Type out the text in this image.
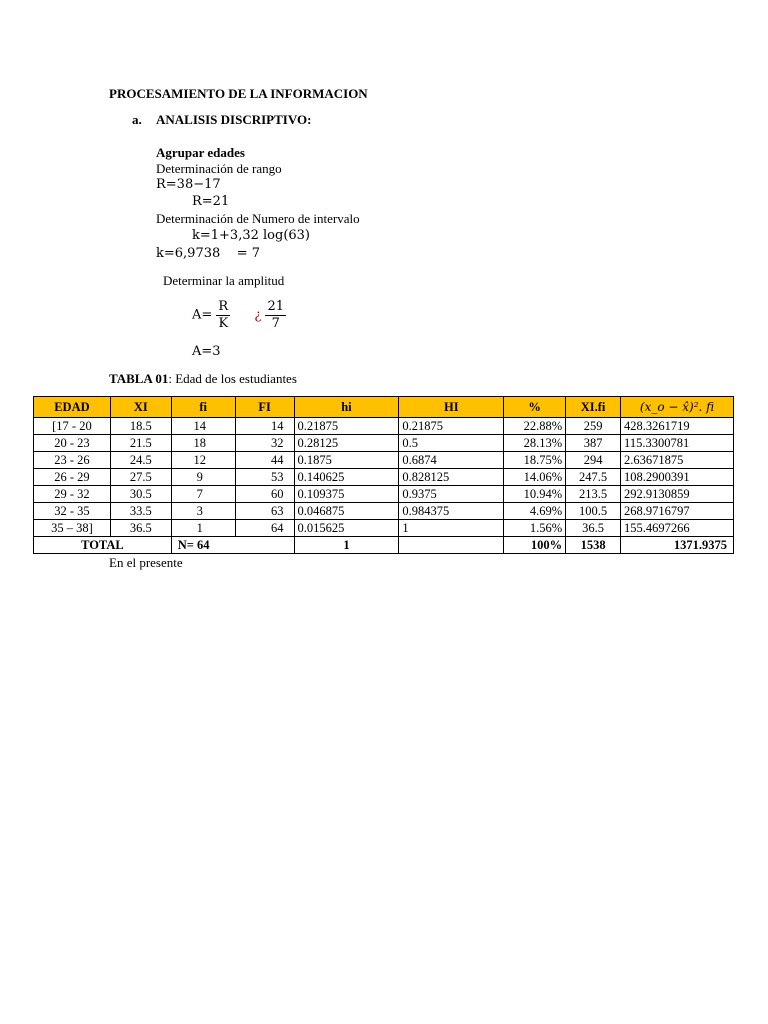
PROCESAMIENTO DE LA INFORMACION
a. ANALISIS DISCRIPTIVO:
Agrupar edades
Determinación de rango
R=38−17
R=21
Determinación de Numero de intervalo
k=1+3,32 log(63)
k=6,9738    = 7
Determinar la amplitud
$A= \frac{R}{K}$ ¿ $\frac{21}{7}$
A=3
TABLA 01: Edad de los estudiantes
EDAD	XI	fi	FI	hi	HI	%	XI.fi	(x_o − x̂)². fi
[17 - 20	18.5	14	14	0.21875	0.21875	22.88%	259	428.3261719
20 - 23	21.5	18	32	0.28125	0.5	28.13%	387	115.3300781
23 - 26	24.5	12	44	0.1875	0.6874	18.75%	294	2.63671875
26 - 29	27.5	9	53	0.140625	0.828125	14.06%	247.5	108.2900391
29 - 32	30.5	7	60	0.109375	0.9375	10.94%	213.5	292.9130859
32 - 35	33.5	3	63	0.046875	0.984375	4.69%	100.5	268.9716797
35 – 38]	36.5	1	64	0.015625	1	1.56%	36.5	155.4697266
TOTAL		N= 64		1		100%	1538	1371.9375
En el presente
